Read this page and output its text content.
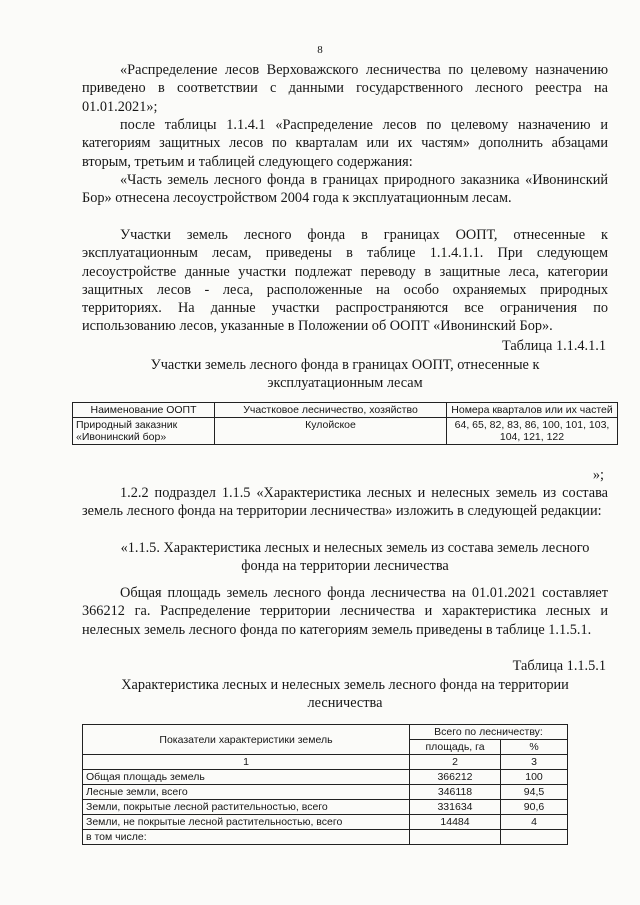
8

«Распределение лесов Верховажского лесничества по целевому назначению приведено в соответствии с данными государственного лесного реестра на 01.01.2021»;

после таблицы 1.1.4.1 «Распределение лесов по целевому назначению и категориям защитных лесов по кварталам или их частям» дополнить абзацами вторым, третьим и таблицей следующего содержания:

«Часть земель лесного фонда в границах природного заказника «Ивонинский Бор» отнесена лесоустройством 2004 года к эксплуатационным лесам.

Участки земель лесного фонда в границах ООПТ, отнесенные к эксплуатационным лесам, приведены в таблице 1.1.4.1.1. При следующем лесоустройстве данные участки подлежат переводу в защитные леса, категории защитных лесов - леса, расположенные на особо охраняемых природных территориях. На данные участки распространяются все ограничения по использованию лесов, указанные в Положении об ООПТ «Ивонинский Бор».

Таблица 1.1.4.1.1
Участки земель лесного фонда в границах ООПТ, отнесенные к
эксплуатационным лесам
Наименование ООПТ	Участковое лесничество, хозяйство	Номера кварталов или их частей
Природный заказник «Ивонинский бор»	Кулойское	64, 65, 82, 83, 86, 100, 101, 103, 104, 121, 122
»;

1.2.2 подраздел 1.1.5 «Характеристика лесных и нелесных земель из состава земель лесного фонда на территории лесничества» изложить в следующей редакции:

«1.1.5. Характеристика лесных и нелесных земель из состава земель лесного
фонда на территории лесничества

Общая площадь земель лесного фонда лесничества на 01.01.2021 составляет 366212 га. Распределение территории лесничества и характеристика лесных и нелесных земель лесного фонда по категориям земель приведены в таблице 1.1.5.1.

Таблица 1.1.5.1
Характеристика лесных и нелесных земель лесного фонда на территории
лесничества
Показатели характеристики земель	Всего по лесничеству:	
	площадь, га	%
1	2	3
Общая площадь земель	366212	100
Лесные земли, всего	346118	94,5
Земли, покрытые лесной растительностью, всего	331634	90,6
Земли, не покрытые лесной растительностью, всего	14484	4
в том числе:		
